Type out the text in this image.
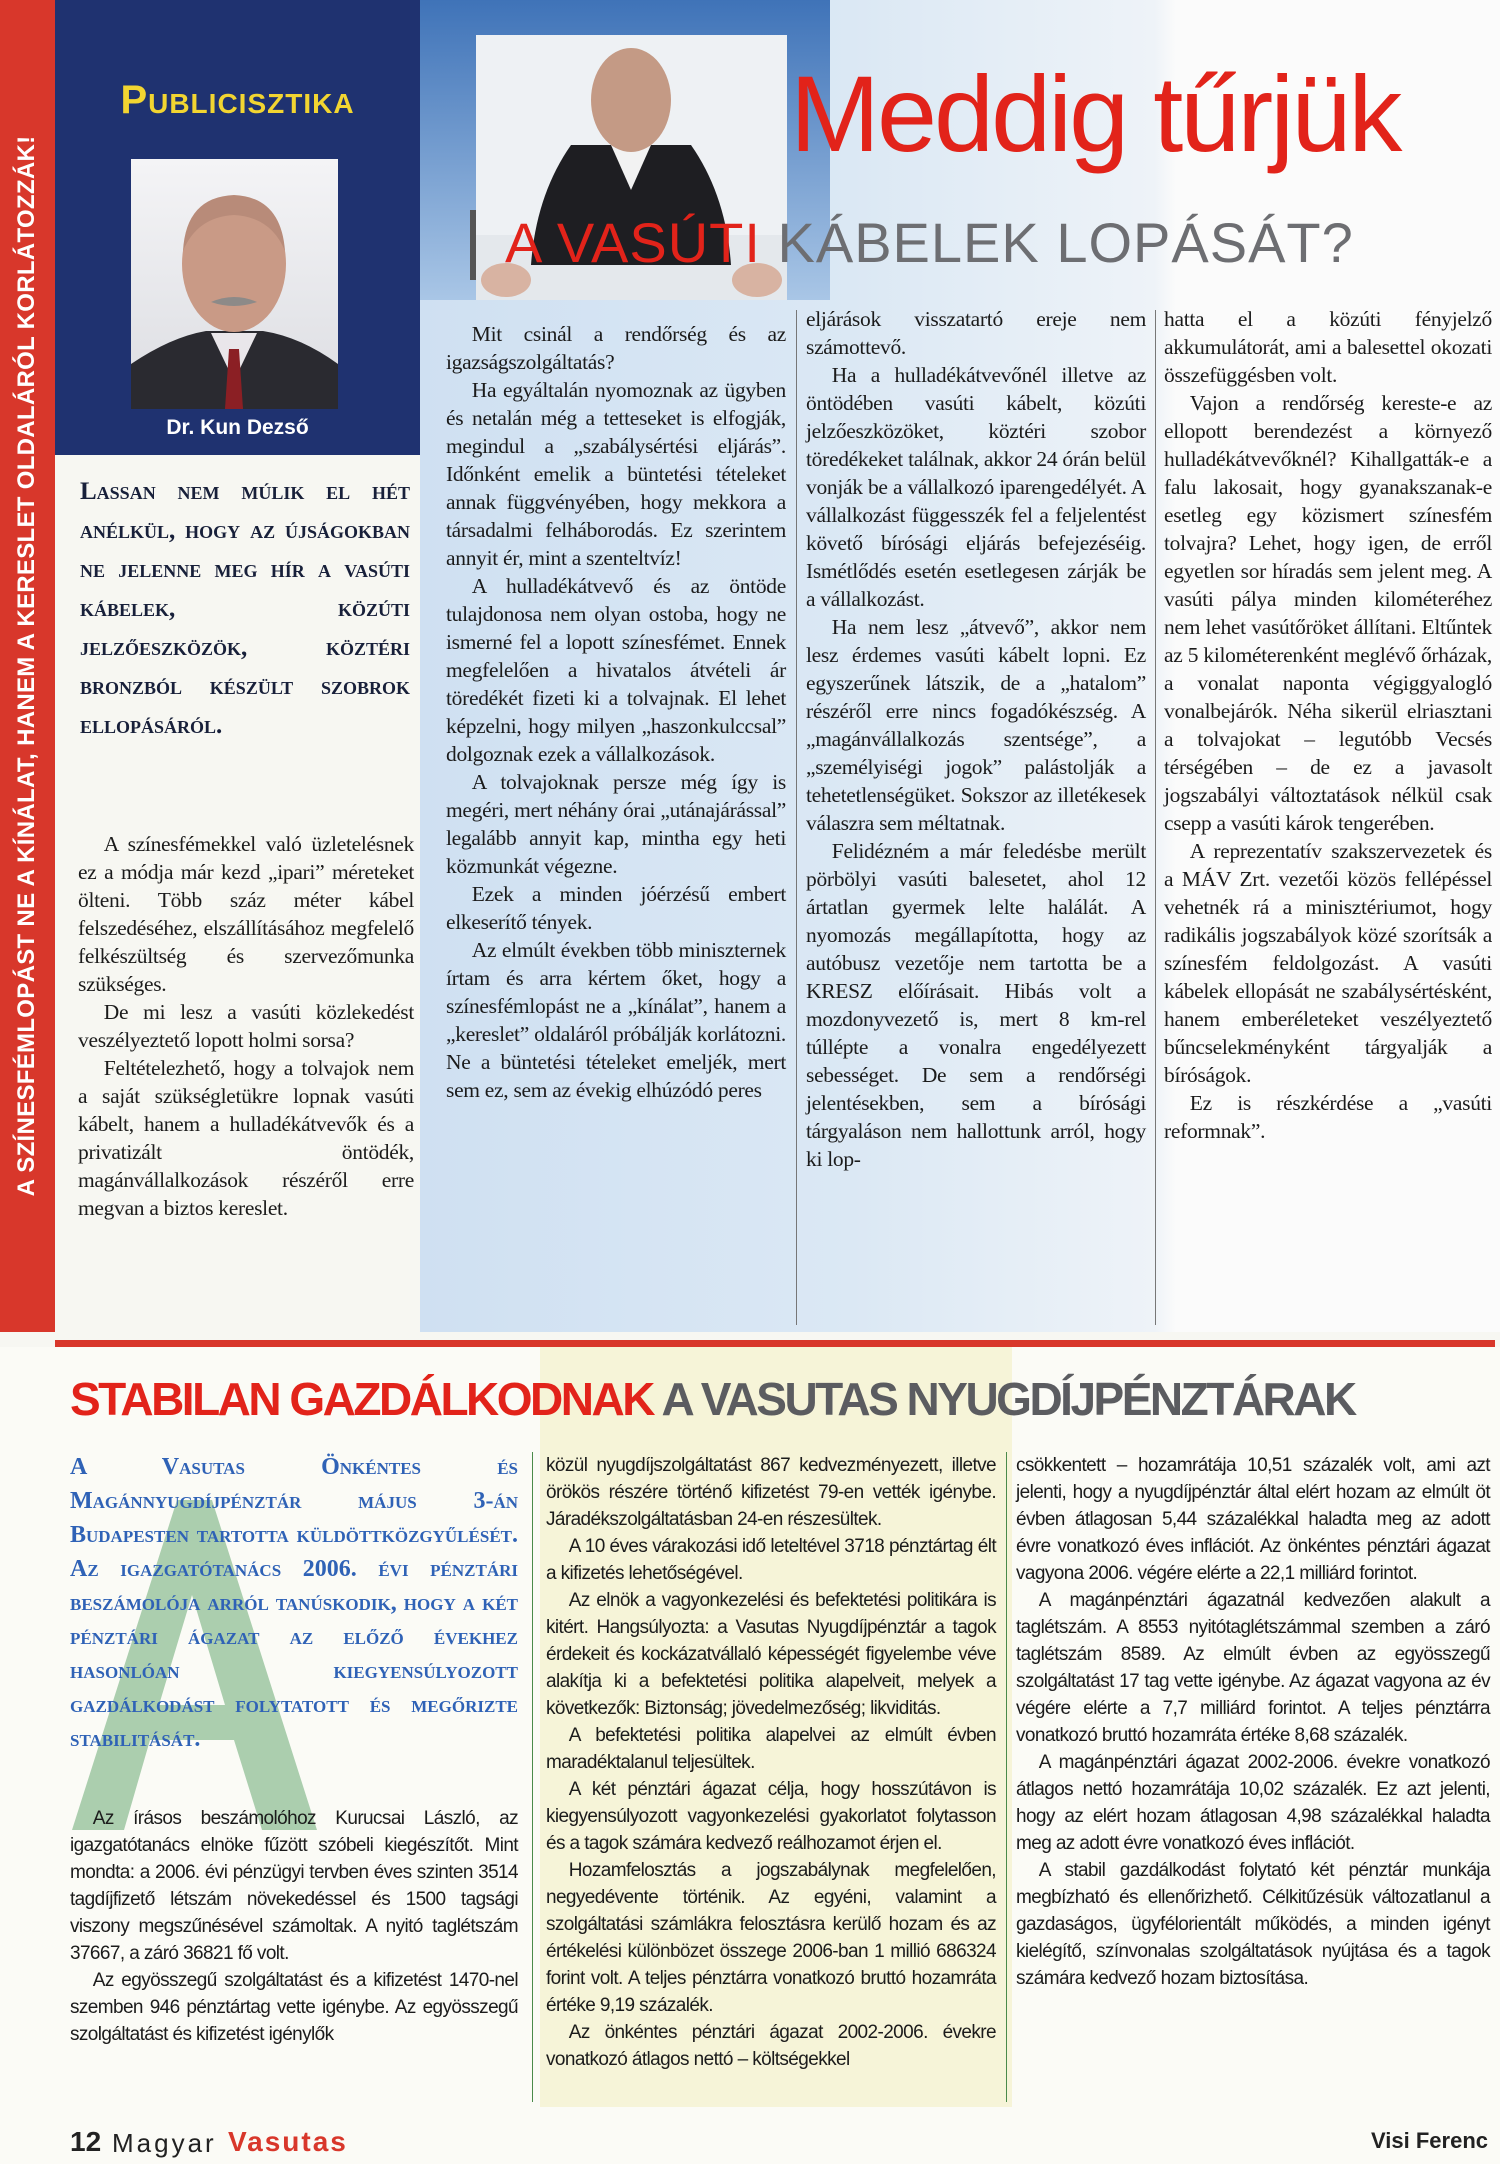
A SZÍNESFÉMLOPÁST NE A KÍNÁLAT, HANEM A KERESLET OLDALÁRÓL KORLÁTOZZÁK!
Publicisztika
Dr. Kun Dezső
Meddig tűrjük
A VASÚTI KÁBELEK LOPÁSÁT?
Lassan nem múlik el hét anélkül, hogy az újságokban ne jelenne meg hír a vasúti kábelek, közúti jelzőeszközök, köztéri bronzból készült szobrok ellopásáról.

A színesfémekkel való üzletelésnek ez a módja már kezd „ipari” méreteket ölteni. Több száz méter kábel felszedéséhez, elszállításához megfelelő felkészültség és szervezőmunka szükséges.

De mi lesz a vasúti közlekedést veszélyeztető lopott holmi sorsa?

Feltételezhető, hogy a tolvajok nem a saját szükségletükre lopnak vasúti kábelt, hanem a hulladékátvevők és a privatizált öntödék, magánvállalkozások részéről erre megvan a biztos kereslet.

Mit csinál a rendőrség és az igazságszolgáltatás?

Ha egyáltalán nyomoznak az ügyben és netalán még a tetteseket is elfogják, megindul a „szabálysértési eljárás”. Időnként emelik a büntetési tételeket annak függvényében, hogy mekkora a társadalmi felháborodás. Ez szerintem annyit ér, mint a szenteltvíz!

A hulladékátvevő és az öntöde tulajdonosa nem olyan ostoba, hogy ne ismerné fel a lopott színesfémet. Ennek megfelelően a hivatalos átvételi ár töredékét fizeti ki a tolvajnak. El lehet képzelni, hogy milyen „haszonkulccsal” dolgoznak ezek a vállalkozások.

A tolvajoknak persze még így is megéri, mert néhány órai „utánajárással” legalább annyit kap, mintha egy heti közmunkát végezne.

Ezek a minden jóérzésű embert elkeserítő tények.

Az elmúlt években több miniszternek írtam és arra kértem őket, hogy a színesfémlopást ne a „kínálat”, hanem a „kereslet” oldaláról próbálják korlátozni. Ne a büntetési tételeket emeljék, mert sem ez, sem az évekig elhúzódó peres

eljárások visszatartó ereje nem számottevő.

Ha a hulladékátvevőnél illetve az öntödében vasúti kábelt, közúti jelzőeszközöket, köztéri szobor töredékeket találnak, akkor 24 órán belül vonják be a vállalkozó iparengedélyét. A vállalkozást függesszék fel a feljelentést követő bírósági eljárás befejezéséig. Ismétlődés esetén esetlegesen zárják be a vállalkozást.

Ha nem lesz „átvevő”, akkor nem lesz érdemes vasúti kábelt lopni. Ez egyszerűnek látszik, de a „hatalom” részéről erre nincs fogadókészség. A „magánvállalkozás szentsége”, a „személyiségi jogok” palástolják a tehetetlenségüket. Sokszor az illetékesek válaszra sem méltatnak.

Felidézném a már feledésbe merült pörbölyi vasúti balesetet, ahol 12 ártatlan gyermek lelte halálát. A nyomozás megállapította, hogy az autóbusz vezetője nem tartotta be a KRESZ előírásait. Hibás volt a mozdonyvezető is, mert 8 km-rel túllépte a vonalra engedélyezett sebességet. De sem a rendőrségi jelentésekben, sem a bírósági tárgyaláson nem hallottunk arról, hogy ki lop-

hatta el a közúti fényjelző akkumulátorát, ami a balesettel okozati összefüggésben volt.

Vajon a rendőrség kereste-e az ellopott berendezést a környező hulladékátvevőknél? Kihallgatták-e a falu lakosait, hogy gyanakszanak-e esetleg egy közismert színesfém tolvajra? Lehet, hogy igen, de erről egyetlen sor híradás sem jelent meg. A vasúti pálya minden kilométeréhez nem lehet vasútőröket állítani. Eltűntek az 5 kilométerenként meglévő őrházak, a vonalat naponta végiggyalogló vonalbejárók. Néha sikerül elriasztani a tolvajokat – legutóbb Vecsés térségében – de ez a javasolt jogszabályi változtatások nélkül csak csepp a vasúti károk tengerében.

A reprezentatív szakszervezetek és a MÁV Zrt. vezetői közös fellépéssel vehetnék rá a minisztériumot, hogy radikális jogszabályok közé szorítsák a színesfém feldolgozást. A vasúti kábelek ellopását ne szabálysértésként, hanem emberéleteket veszélyeztető bűncselekményként tárgyalják a bíróságok.

Ez is részkérdése a „vasúti reformnak”.

STABILAN GAZDÁLKODNAK A VASUTAS NYUGDÍJPÉNZTÁRAK
A Vasutas Önkéntes és Magánnyugdíjpénztár május 3-án Budapesten tartotta küldöttközgyűlését. Az igazgatótanács 2006. évi pénztári beszámolója arról tanúskodik, hogy a két pénztári ágazat az előző évekhez hasonlóan kiegyensúlyozott gazdálkodást folytatott és megőrizte stabilitását.

Az írásos beszámolóhoz Kurucsai László, az igazgatótanács elnöke fűzött szóbeli kiegészítőt. Mint mondta: a 2006. évi pénzügyi tervben éves szinten 3514 tagdíjfizető létszám növekedéssel és 1500 tagsági viszony megszűnésével számoltak. A nyitó taglétszám 37667, a záró 36821 fő volt.

Az egyösszegű szolgáltatást és a kifizetést 1470-nel szemben 946 pénztártag vette igénybe. Az egyösszegű szolgáltatást és kifizetést igénylők

közül nyugdíjszolgáltatást 867 kedvezményezett, illetve örökös részére történő kifizetést 79-en vették igénybe. Járadékszolgáltatásban 24-en részesültek.

A 10 éves várakozási idő leteltével 3718 pénztártag élt a kifizetés lehetőségével.

Az elnök a vagyonkezelési és befektetési politikára is kitért. Hangsúlyozta: a Vasutas Nyugdíjpénztár a tagok érdekeit és kockázatvállaló képességét figyelembe véve alakítja ki a befektetési politika alapelveit, melyek a következők: Biztonság; jövedelmezőség; likviditás.

A befektetési politika alapelvei az elmúlt évben maradéktalanul teljesültek.

A két pénztári ágazat célja, hogy hosszútávon is kiegyensúlyozott vagyonkezelési gyakorlatot folytasson és a tagok számára kedvező reálhozamot érjen el.

Hozamfelosztás a jogszabálynak megfelelően, negyedévente történik. Az egyéni, valamint a szolgáltatási számlákra felosztásra kerülő hozam és az értékelési különbözet összege 2006-ban 1 millió 686324 forint volt. A teljes pénztárra vonatkozó bruttó hozamráta értéke 9,19 százalék.

Az önkéntes pénztári ágazat 2002-2006. évekre vonatkozó átlagos nettó – költségekkel

csökkentett – hozamrátája 10,51 százalék volt, ami azt jelenti, hogy a nyugdíjpénztár által elért hozam az elmúlt öt évben átlagosan 5,44 százalékkal haladta meg az adott évre vonatkozó éves inflációt. Az önkéntes pénztári ágazat vagyona 2006. végére elérte a 22,1 milliárd forintot.

A magánpénztári ágazatnál kedvezően alakult a taglétszám. A 8553 nyitótaglétszámmal szemben a záró taglétszám 8589. Az elmúlt évben az egyösszegű szolgáltatást 17 tag vette igénybe. Az ágazat vagyona az év végére elérte a 7,7 milliárd forintot. A teljes pénztárra vonatkozó bruttó hozamráta értéke 8,68 százalék.

A magánpénztári ágazat 2002-2006. évekre vonatkozó átlagos nettó hozamrátája 10,02 százalék. Ez azt jelenti, hogy az elért hozam átlagosan 4,98 százalékkal haladta meg az adott évre vonatkozó éves inflációt.

A stabil gazdálkodást folytató két pénztár munkája megbízható és ellenőrizhető. Célkitűzésük változatlanul a gazdaságos, ügyfélorientált működés, a minden igényt kielégítő, színvonalas szolgáltatások nyújtása és a tagok számára kedvező hozam biztosítása.

12 Magyar Vasutas	Visi Ferenc
